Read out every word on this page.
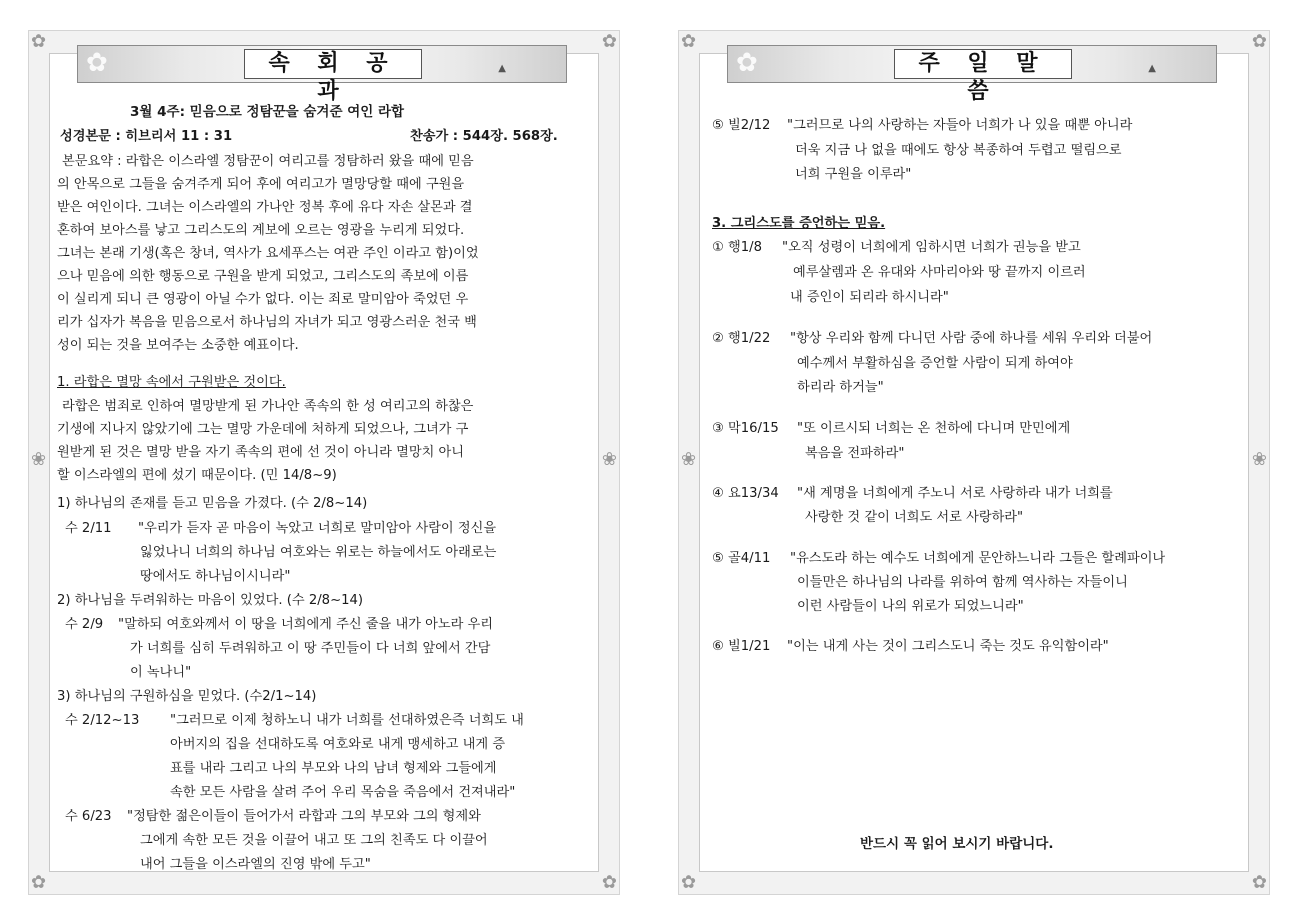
✿	✿
✿	✿
❀	❀
✿	▲
속 회 공 과
3월 4주: 믿음으로 정탐꾼을 숨겨준 여인 라합
성경본문 : 히브리서 11 : 31	찬송가 : 544장. 568장.
본문요약 : 라합은 이스라엘 정탐꾼이 여리고를 정탐하러 왔을 때에 믿음
의 안목으로 그들을 숨겨주게 되어 후에 여리고가 멸망당할 때에 구원을
받은 여인이다. 그녀는 이스라엘의 가나안 정복 후에 유다 자손 살몬과 결
혼하여 보아스를 낳고 그리스도의 계보에 오르는 영광을 누리게 되었다.
그녀는 본래 기생(혹은 창녀, 역사가 요세푸스는 여관 주인 이라고 함)이었
으나 믿음에 의한 행동으로 구원을 받게 되었고, 그리스도의 족보에 이름
이 실리게 되니 큰 영광이 아닐 수가 없다. 이는 죄로 말미암아 죽었던 우
리가 십자가 복음을 믿음으로서 하나님의 자녀가 되고 영광스러운 천국 백
성이 되는 것을 보여주는 소중한 예표이다.
1. 라합은 멸망 속에서 구원받은 것이다.
라합은 범죄로 인하여 멸망받게 된 가나안 족속의 한 성 여리고의 하찮은
기생에 지나지 않았기에 그는 멸망 가운데에 처하게 되었으나, 그녀가 구
원받게 된 것은 멸망 받을 자기 족속의 편에 선 것이 아니라 멸망치 아니
할 이스라엘의 편에 섰기 때문이다. (민 14/8~9)
1) 하나님의 존재를 듣고 믿음을 가졌다. (수 2/8~14)
수 2/11 "우리가 듣자 곧 마음이 녹았고 너희로 말미암아 사람이 정신을
잃었나니 너희의 하나님 여호와는 위로는 하늘에서도 아래로는
땅에서도 하나님이시니라"
2) 하나님을 두려워하는 마음이 있었다. (수 2/8~14)
수 2/9 "말하되 여호와께서 이 땅을 너희에게 주신 줄을 내가 아노라 우리
가 너희를 심히 두려워하고 이 땅 주민들이 다 너희 앞에서 간담
이 녹나니"
3) 하나님의 구원하심을 믿었다. (수2/1~14)
수 2/12~13 "그러므로 이제 청하노니 내가 너희를 선대하였은즉 너희도 내
아버지의 집을 선대하도록 여호와로 내게 맹세하고 내게 증
표를 내라 그리고 나의 부모와 나의 남녀 형제와 그들에게
속한 모든 사람을 살려 주어 우리 목숨을 죽음에서 건져내라"
수 6/23 "정탐한 젊은이들이 들어가서 라합과 그의 부모와 그의 형제와
그에게 속한 모든 것을 이끌어 내고 또 그의 친족도 다 이끌어
내어 그들을 이스라엘의 진영 밖에 두고"
✿	✿
✿	✿
❀	❀
✿	▲
주 일 말 씀
⑤ 빌2/12 "그러므로 나의 사랑하는 자들아 너희가 나 있을 때뿐 아니라
더욱 지금 나 없을 때에도 항상 복종하여 두렵고 떨림으로
너희 구원을 이루라"
3. 그리스도를 증언하는 믿음.
① 행1/8 "오직 성령이 너희에게 임하시면 너희가 권능을 받고
예루살렘과 온 유대와 사마리아와 땅 끝까지 이르러
내 증인이 되리라 하시니라"
② 행1/22 "항상 우리와 함께 다니던 사람 중에 하나를 세워 우리와 더불어
예수께서 부활하심을 증언할 사람이 되게 하여야
하리라 하거늘"
③ 막16/15 "또 이르시되 너희는 온 천하에 다니며 만민에게
복음을 전파하라"
④ 요13/34 "새 계명을 너희에게 주노니 서로 사랑하라 내가 너희를
사랑한 것 같이 너희도 서로 사랑하라"
⑤ 골4/11 "유스도라 하는 예수도 너희에게 문안하느니라 그들은 할례파이나
이들만은 하나님의 나라를 위하여 함께 역사하는 자들이니
이런 사람들이 나의 위로가 되었느니라"
⑥ 빌1/21 "이는 내게 사는 것이 그리스도니 죽는 것도 유익함이라"
반드시 꼭 읽어 보시기 바랍니다.
